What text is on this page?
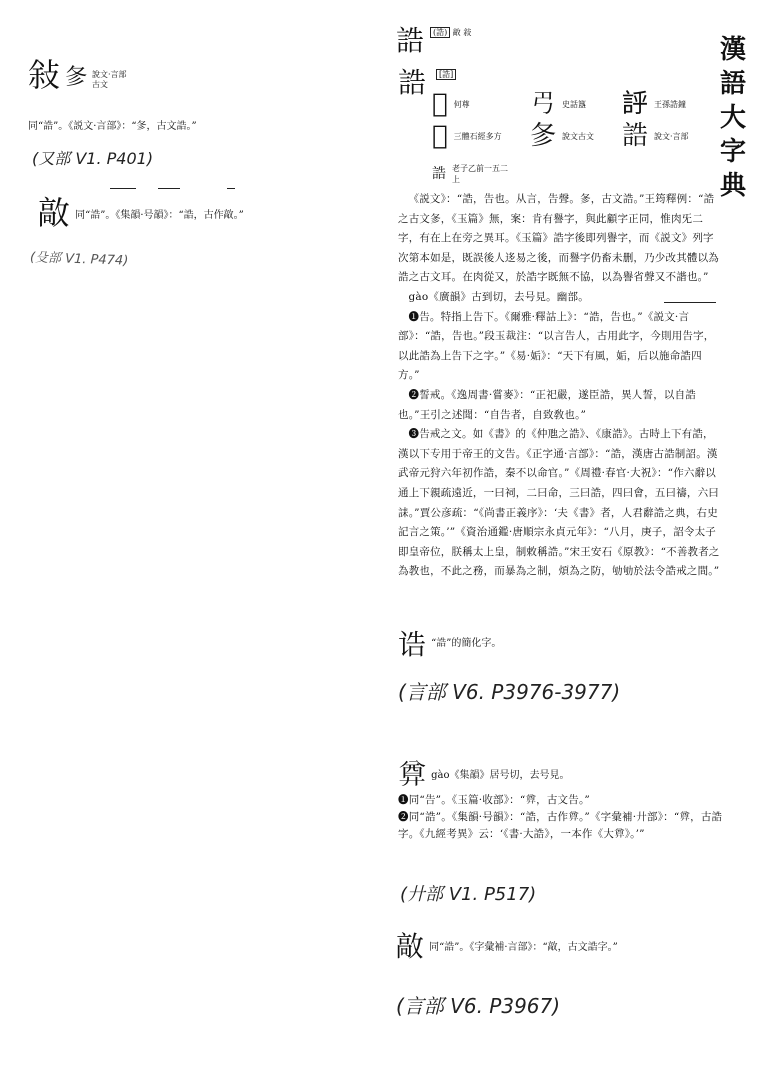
敍 㣊 說文·言部
古文
同“誥”。《説文·言部》：“㣊，古文誥。”
(又部 V1. P401)
㪣 $^{同“誥”。《集韻\cdot 号韻》:“誥,古作㪣。”}$
(殳部 V1. P474)
漢
語
大
字
典
誥	(誥) 㪣 敍
誥	[誥]
𠱪 何尊 𢎟 史話簋 𧦝 王孫誥鐘
𡕇 三體石經多方	㣊 說文古文 誥 說文·言部
誥 老子乙前一五二上
《説文》：“誥，告也。从言，告聲。㣊，古文誥。”王筠釋例：“誥之古文㣊，《玉篇》無，案：肯有譽字，與此顧字正同，惟肉旡二字，有在上在旁之異耳。《玉篇》誥字後即列譽字，而《説文》列字次第本如是，既誤後人迻易之後，而譽字仍畜未删，乃少改其體以為誥之古文耳。在肉從又，於誥字既無不協，以為譽省聲又不諧也。”
gào《廣韻》古到切，去号見。幽部。
❶告。特指上告下。《爾雅·釋詁上》：“誥，告也。”《説文·言部》：“誥，告也。”段玉裁注：“以言告人，古用此字，今則用告字，以此誥為上告下之字。”《易·姤》：“天下有風，姤，后以施命誥四方。”
❷誓戒。《逸周書·嘗麥》：“正祀嚴，遂臣誥，異人誓，以自誥也。”王引之述聞：“自告者，自致敎也。”
❸告戒之文。如《書》的《仲虺之誥》、《康誥》。古時上下有誥，漢以下专用于帝王的文告。《正字通·言部》：“誥，漢唐古誥制詔。漢武帝元狩六年初作誥，秦不以命官。”《周禮·春官·大祝》：“作六辭以通上下親疏遠近，一曰祠，二曰命，三曰誥，四曰會，五曰禱，六曰誄。”賈公彦疏：“《尚書正義序》：‘夫《書》者，人君辭誥之典，右史記言之策。’”《資治通鑑·唐順宗永貞元年》：“八月，庚子，詔令太子即皇帝位，朕稱太上皇，制敕稱誥。”宋王安石《原教》：“不善教者之為教也，不此之務，而暴為之制，煩為之防，劬劬於法令誥戒之間。”
诰 $^{“誥”的簡化字。}$
(言部 V6. P3976-3977)
𢍜 $^{gào《集韻》居号切,去号見。}$
❶同“告”。《玉篇·收部》：“𢍜，古文告。”
❷同“誥”。《集韻·号韻》：“誥，古作𢍜。”《字彙補·廾部》：“𢍜，古誥字。《九經考異》云：‘《書·大誥》，一本作《大𢍜》。’”
(廾部 V1. P517)
㪣 $^{同“誥”。《字彙補\cdot 言部》:“㪣,古文誥字。”}$
(言部 V6. P3967)
